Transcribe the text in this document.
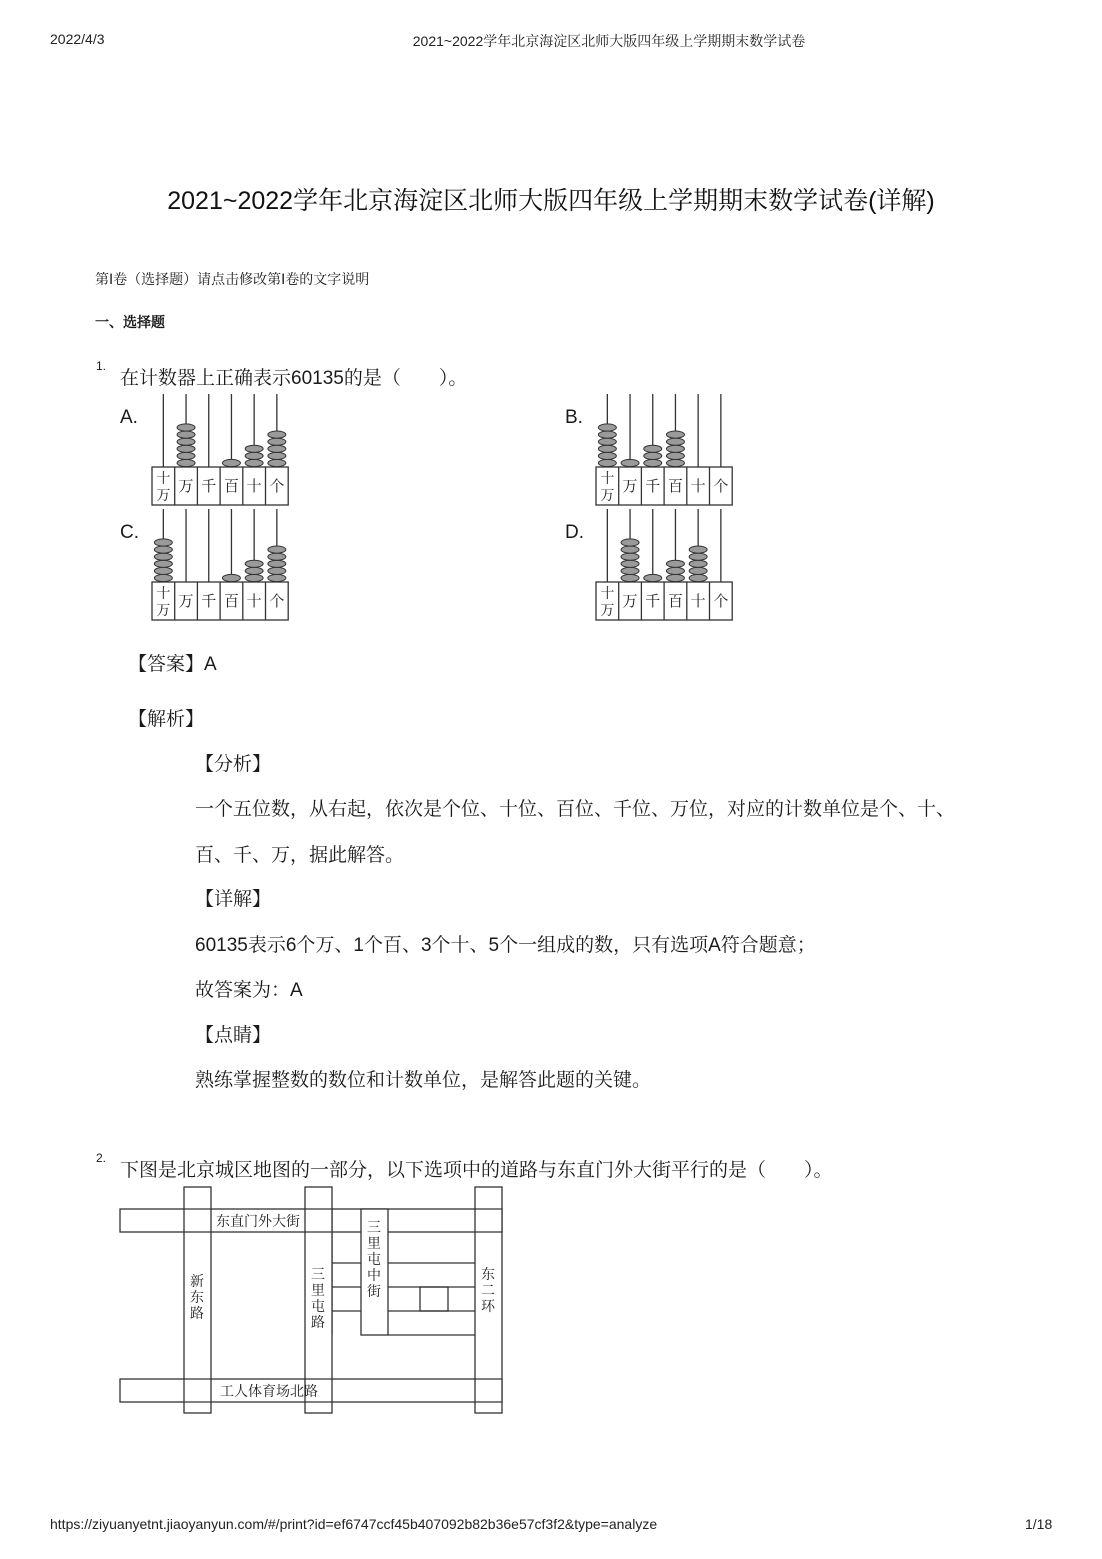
2022/4/3	2021~2022学年北京海淀区北师大版四年级上学期期末数学试卷
2021~2022学年北京海淀区北师大版四年级上学期期末数学试卷(详解)
第Ⅰ卷（选择题）请点击修改第Ⅰ卷的文字说明
一、选择题
1.
在计数器上正确表示60135的是（　　）。
A.	B.
C.	D.
十
万 万 千 百 十 个	十
万 万 千 百 十 个
十
万 万 千 百 十 个	十
万 万 千 百 十 个
【答案】A
【解析】
【分析】
一个五位数，从右起，依次是个位、十位、百位、千位、万位，对应的计数单位是个、十、
百、千、万，据此解答。
【详解】
60135表示6个万、1个百、3个十、5个一组成的数，只有选项A符合题意；
故答案为：A
【点睛】
熟练掌握整数的数位和计数单位，是解答此题的关键。
2.
下图是北京城区地图的一部分，以下选项中的道路与东直门外大街平行的是（　　）。
东直门外大街
工人体育场北路
新东路
三里屯路
三里屯中街
东二环
https://ziyuanyetnt.jiaoyanyun.com/#/print?id=ef6747ccf45b407092b82b36e57cf3f2&type=analyze	1/18
